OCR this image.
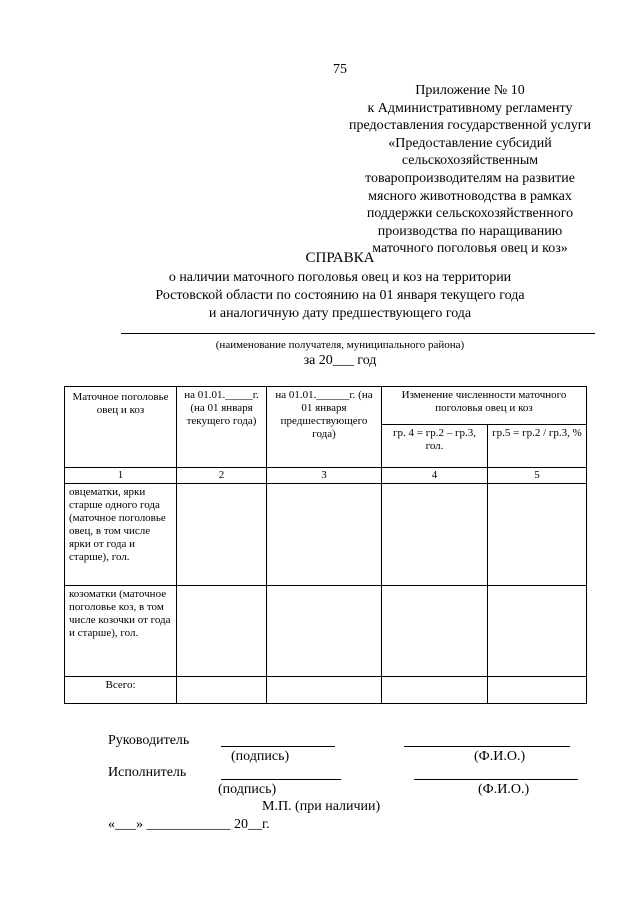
75
Приложение № 10
к Административному регламенту
предоставления государственной услуги
«Предоставление субсидий
сельскохозяйственным
товаропроизводителям на развитие
мясного животноводства в рамках
поддержки сельскохозяйственного
производства по наращиванию
маточного поголовья овец и коз»
СПРАВКА
о наличии маточного поголовья овец и коз на территории
Ростовской области по состоянию на 01 января текущего года
и аналогичную дату предшествующего года
(наименование получателя, муниципального района)
за 20___ год
Маточное поголовье овец и коз	на 01.01._____г. (на 01 января текущего года)	на 01.01.______г. (на 01 января предшествующего года)	Изменение численности маточного поголовья овец и коз	
			гр. 4 = гр.2 – гр.3, гол.	гр.5 = гр.2 / гр.3, %
1	2	3	4	5
овцематки, ярки старше одного года (маточное поголовье овец, в том числе ярки от года и старше), гол.				
козоматки (маточное поголовье коз, в том числе козочки от года и старше), гол.				
Всего:				
Руководитель
(подпись)	(Ф.И.О.)
Исполнитель
(подпись)	(Ф.И.О.)
М.П. (при наличии)
«___» ____________ 20__г.
